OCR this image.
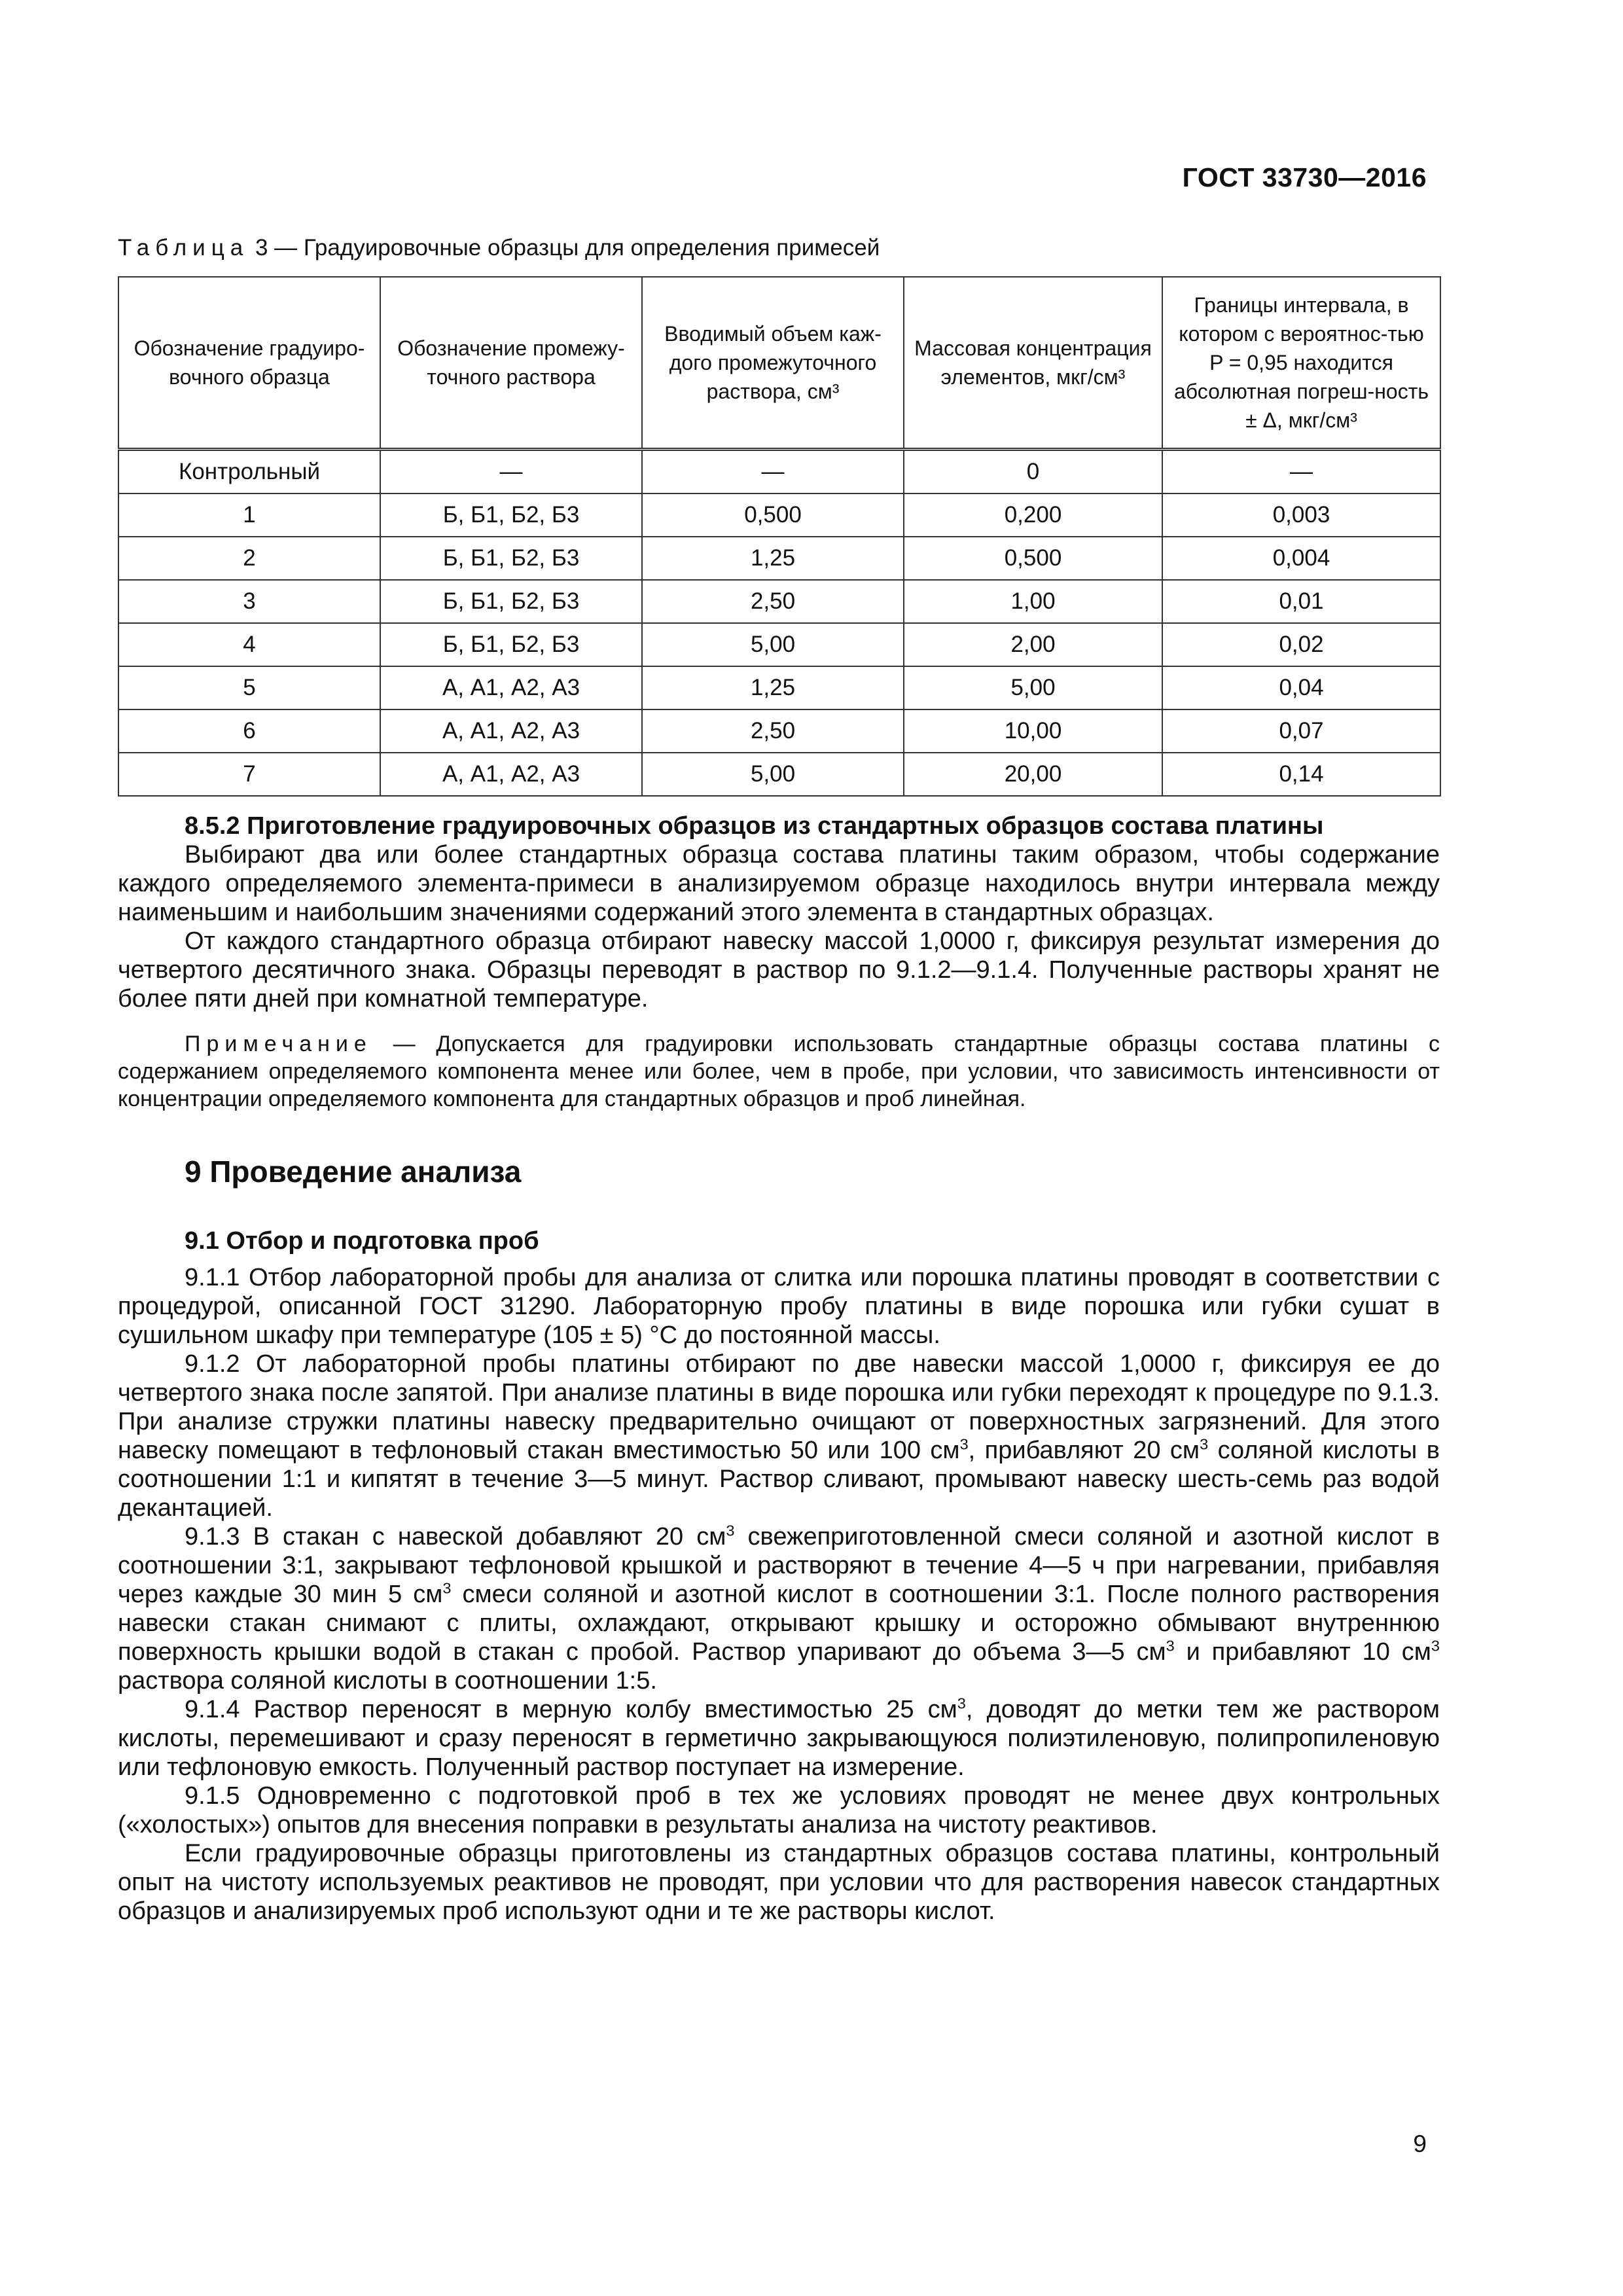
ГОСТ 33730—2016
Таблица 3 — Градуировочные образцы для определения примесей
Обозначение градуиро-вочного образца	Обозначение промежу-точного раствора	Вводимый объем каж-дого промежуточного раствора, см³	Массовая концентрация элементов, мкг/см³	Границы интервала, в котором с вероятнос-тью P = 0,95 находится абсолютная погреш-ность ± Δ, мкг/см³
Контрольный	—	—	0	—
1	Б, Б1, Б2, Б3	0,500	0,200	0,003
2	Б, Б1, Б2, Б3	1,25	0,500	0,004
3	Б, Б1, Б2, Б3	2,50	1,00	0,01
4	Б, Б1, Б2, Б3	5,00	2,00	0,02
5	А, А1, А2, А3	1,25	5,00	0,04
6	А, А1, А2, А3	2,50	10,00	0,07
7	А, А1, А2, А3	5,00	20,00	0,14

8.5.2 Приготовление градуировочных образцов из стандартных образцов состава платины

Выбирают два или более стандартных образца состава платины таким образом, чтобы содержание каждого определяемого элемента-примеси в анализируемом образце находилось внутри интервала между наименьшим и наибольшим значениями содержаний этого элемента в стандартных образцах.

От каждого стандартного образца отбирают навеску массой 1,0000 г, фиксируя результат измерения до четвертого десятичного знака. Образцы переводят в раствор по 9.1.2—9.1.4. Полученные растворы хранят не более пяти дней при комнатной температуре.

Примечание — Допускается для градуировки использовать стандартные образцы состава платины с содержанием определяемого компонента менее или более, чем в пробе, при условии, что зависимость интенсивности от концентрации определяемого компонента для стандартных образцов и проб линейная.

9 Проведение анализа

9.1 Отбор и подготовка проб

9.1.1 Отбор лабораторной пробы для анализа от слитка или порошка платины проводят в соответствии с процедурой, описанной ГОСТ 31290. Лабораторную пробу платины в виде порошка или губки сушат в сушильном шкафу при температуре (105 ± 5) °С до постоянной массы.

9.1.2 От лабораторной пробы платины отбирают по две навески массой 1,0000 г, фиксируя ее до четвертого знака после запятой. При анализе платины в виде порошка или губки переходят к процедуре по 9.1.3. При анализе стружки платины навеску предварительно очищают от поверхностных загрязнений. Для этого навеску помещают в тефлоновый стакан вместимостью 50 или 100 $см^3$, прибавляют 20 $см^3$ соляной кислоты в соотношении 1:1 и кипятят в течение 3—5 минут. Раствор сливают, промывают навеску шесть-семь раз водой декантацией.

9.1.3 В стакан с навеской добавляют 20 $см^3$ свежеприготовленной смеси соляной и азотной кислот в соотношении 3:1, закрывают тефлоновой крышкой и растворяют в течение 4—5 ч при нагревании, прибавляя через каждые 30 мин 5 $см^3$ смеси соляной и азотной кислот в соотношении 3:1. После полного растворения навески стакан снимают с плиты, охлаждают, открывают крышку и осторожно обмывают внутреннюю поверхность крышки водой в стакан с пробой. Раствор упаривают до объема 3—5 $см^3$ и прибавляют 10 $см^3$ раствора соляной кислоты в соотношении 1:5.

9.1.4 Раствор переносят в мерную колбу вместимостью 25 $см^3$, доводят до метки тем же раствором кислоты, перемешивают и сразу переносят в герметично закрывающуюся полиэтиленовую, полипропиленовую или тефлоновую емкость. Полученный раствор поступает на измерение.

9.1.5 Одновременно с подготовкой проб в тех же условиях проводят не менее двух контрольных («холостых») опытов для внесения поправки в результаты анализа на чистоту реактивов.

Если градуировочные образцы приготовлены из стандартных образцов состава платины, контрольный опыт на чистоту используемых реактивов не проводят, при условии что для растворения навесок стандартных образцов и анализируемых проб используют одни и те же растворы кислот.

9
